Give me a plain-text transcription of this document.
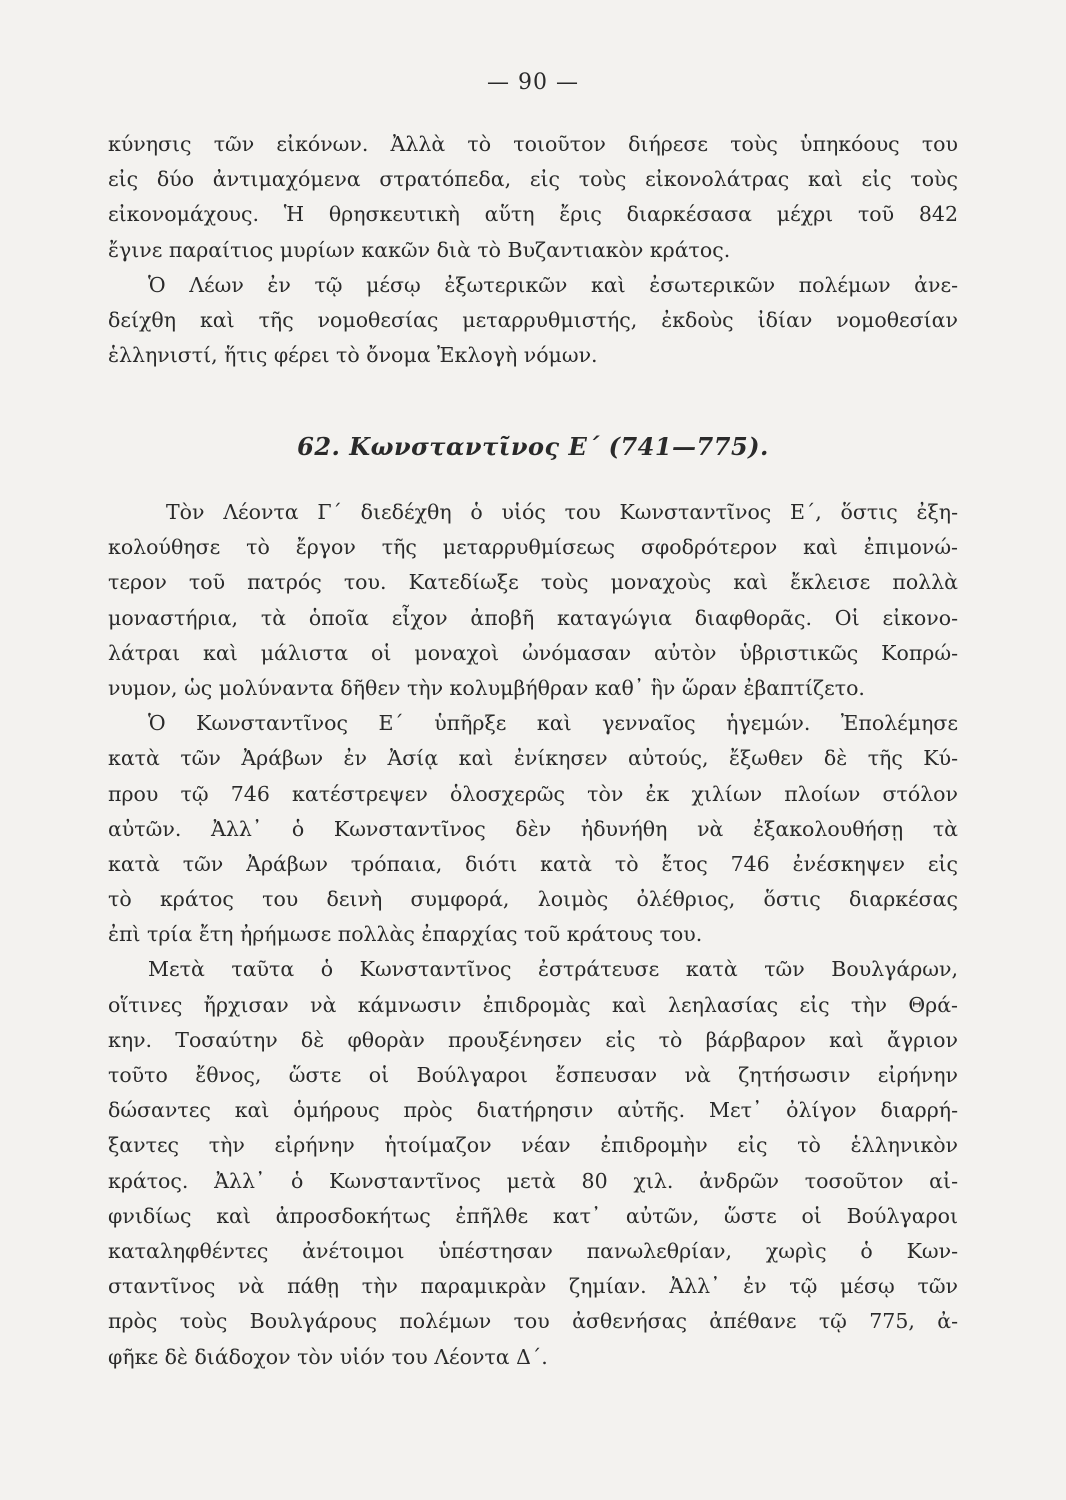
— 90 —
κύνησις τῶν εἰκόνων. Ἀλλὰ τὸ τοιοῦτον διήρεσε τοὺς ὑπηκόους του
εἰς δύο ἀντιμαχόμενα στρατόπεδα, εἰς τοὺς εἰκονολάτρας καὶ εἰς τοὺς
εἰκονομάχους. Ἡ θρησκευτικὴ αὕτη ἔρις διαρκέσασα μέχρι τοῦ 842
ἔγινε παραίτιος μυρίων κακῶν διὰ τὸ Βυζαντιακὸν κράτος.
Ὁ Λέων ἐν τῷ μέσῳ ἐξωτερικῶν καὶ ἐσωτερικῶν πολέμων ἀνε-
δείχθη καὶ τῆς νομοθεσίας μεταρρυθμιστής, ἐκδοὺς ἰδίαν νομοθεσίαν
ἑλληνιστί, ἥτις φέρει τὸ ὄνομα Ἐκλογὴ νόμων.
62. Κωνσταντῖνος Ε΄ (741—775).
Τὸν Λέοντα Γ΄ διεδέχθη ὁ υἱός του Κωνσταντῖνος Ε΄, ὅστις ἐξη-
κολούθησε τὸ ἔργον τῆς μεταρρυθμίσεως σφοδρότερον καὶ ἐπιμονώ-
τερον τοῦ πατρός του. Κατεδίωξε τοὺς μοναχοὺς καὶ ἔκλεισε πολλὰ
μοναστήρια, τὰ ὁποῖα εἶχον ἀποβῆ καταγώγια διαφθορᾶς. Οἱ εἰκονο-
λάτραι καὶ μάλιστα οἱ μοναχοὶ ὠνόμασαν αὐτὸν ὑβριστικῶς Κοπρώ-
νυμον, ὡς μολύναντα δῆθεν τὴν κολυμβήθραν καθ᾽ ἣν ὥραν ἐβαπτίζετο.
Ὁ Κωνσταντῖνος Ε΄ ὑπῆρξε καὶ γενναῖος ἡγεμών. Ἐπολέμησε
κατὰ τῶν Ἀράβων ἐν Ἀσίᾳ καὶ ἐνίκησεν αὐτούς, ἔξωθεν δὲ τῆς Κύ-
πρου τῷ 746 κατέστρεψεν ὁλοσχερῶς τὸν ἐκ χιλίων πλοίων στόλον
αὐτῶν. Ἀλλ᾽ ὁ Κωνσταντῖνος δὲν ἠδυνήθη νὰ ἐξακολουθήσῃ τὰ
κατὰ τῶν Ἀράβων τρόπαια, διότι κατὰ τὸ ἔτος 746 ἐνέσκηψεν εἰς
τὸ κράτος του δεινὴ συμφορά, λοιμὸς ὀλέθριος, ὅστις διαρκέσας
ἐπὶ τρία ἔτη ἠρήμωσε πολλὰς ἐπαρχίας τοῦ κράτους του.
Μετὰ ταῦτα ὁ Κωνσταντῖνος ἐστράτευσε κατὰ τῶν Βουλγάρων,
οἵτινες ἤρχισαν νὰ κάμνωσιν ἐπιδρομὰς καὶ λεηλασίας εἰς τὴν Θρά-
κην. Τοσαύτην δὲ φθορὰν προυξένησεν εἰς τὸ βάρβαρον καὶ ἄγριον
τοῦτο ἔθνος, ὥστε οἱ Βούλγαροι ἔσπευσαν νὰ ζητήσωσιν εἰρήνην
δώσαντες καὶ ὁμήρους πρὸς διατήρησιν αὐτῆς. Μετ᾽ ὀλίγον διαρρή-
ξαντες τὴν εἰρήνην ἡτοίμαζον νέαν ἐπιδρομὴν εἰς τὸ ἑλληνικὸν
κράτος. Ἀλλ᾽ ὁ Κωνσταντῖνος μετὰ 80 χιλ. ἀνδρῶν τοσοῦτον αἰ-
φνιδίως καὶ ἀπροσδοκήτως ἐπῆλθε κατ᾽ αὐτῶν, ὥστε οἱ Βούλγαροι
καταληφθέντες ἀνέτοιμοι ὑπέστησαν πανωλεθρίαν, χωρὶς ὁ Κων-
σταντῖνος νὰ πάθῃ τὴν παραμικρὰν ζημίαν. Ἀλλ᾽ ἐν τῷ μέσῳ τῶν
πρὸς τοὺς Βουλγάρους πολέμων του ἀσθενήσας ἀπέθανε τῷ 775, ἀ-
φῆκε δὲ διάδοχον τὸν υἱόν του Λέοντα Δ΄.
